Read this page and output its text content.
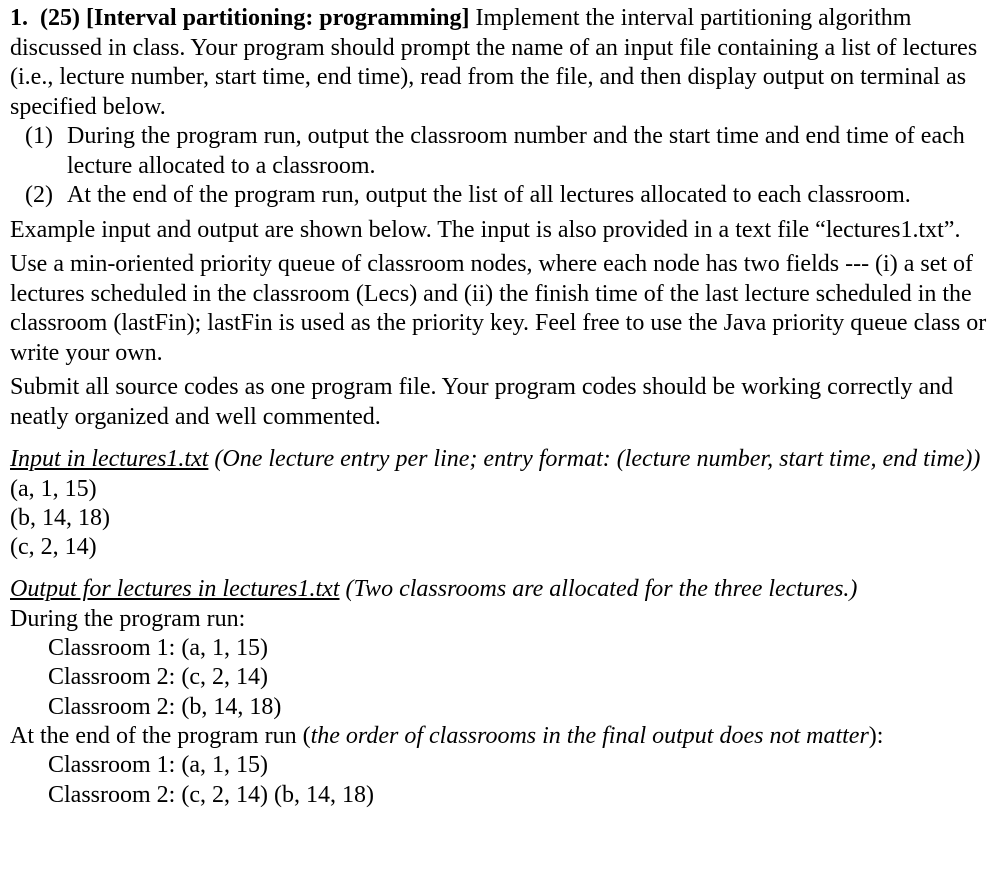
1. (25) [Interval partitioning: programming] Implement the interval partitioning algorithm discussed in class. Your program should prompt the name of an input file containing a list of lectures (i.e., lecture number, start time, end time), read from the file, and then display output on terminal as specified below.

(1) During the program run, output the classroom number and the start time and end time of each lecture allocated to a classroom.

(2) At the end of the program run, output the list of all lectures allocated to each classroom.

Example input and output are shown below. The input is also provided in a text file “lectures1.txt”.

Use a min-oriented priority queue of classroom nodes, where each node has two fields --- (i) a set of lectures scheduled in the classroom (Lecs) and (ii) the finish time of the last lecture scheduled in the classroom (lastFin); lastFin is used as the priority key. Feel free to use the Java priority queue class or write your own.

Submit all source codes as one program file. Your program codes should be working correctly and neatly organized and well commented.

Input in lectures1.txt (One lecture entry per line; entry format: (lecture number, start time, end time))

(a, 1, 15)

(b, 14, 18)

(c, 2, 14)

Output for lectures in lectures1.txt (Two classrooms are allocated for the three lectures.)

During the program run:

Classroom 1: (a, 1, 15)

Classroom 2: (c, 2, 14)

Classroom 2: (b, 14, 18)

At the end of the program run (the order of classrooms in the final output does not matter):

Classroom 1: (a, 1, 15)

Classroom 2: (c, 2, 14) (b, 14, 18)
